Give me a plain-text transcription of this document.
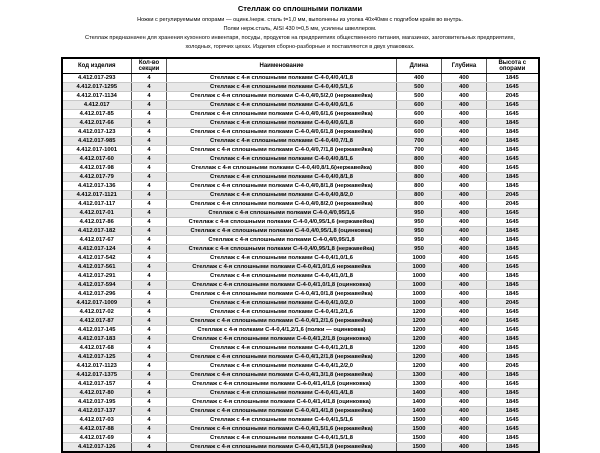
Стеллаж со сплошными полками
Ножки с регулируемыми опорами — оцинк./нерж. сталь t=1,0 мм, выполнены из уголка 40х40мм с подгибом краёв во внутрь.
Полки нерж.сталь, AISI 430 t=0,5 мм, усилены швеллером.
Стеллаж предназначен для хранения кухонного инвентаря, посуды, продуктов на предприятиях общественного питания, магазинах, заготовительных предприятиях,
холодных, горячих цехах. Изделия сборно-разборные и поставляются в двух упаковках.
Код изделия	Кол-во секции	Наименование	Длина	Глубина	Высота с опорами
4.412.017-293	4	Стеллаж с 4-я сплошными полками С-4-0,4/0,4/1,8	400	400	1845
4.412.017-1295	4	Стеллаж с 4-я сплошными полками С-4-0,4/0,5/1,6	500	400	1645
4.412.017-1134	4	Стеллаж с 4-я сплошными полками С-4-0,4/0,5/2,0 (нержавейка)	500	400	2045
4.412.017	4	Стеллаж с 4-я сплошными полками С-4-0,4/0,6/1,6	600	400	1645
4.412.017-85	4	Стеллаж с 4-я сплошными полками С-4-0,4/0,6/1,6 (нержавейка)	600	400	1645
4.412.017-66	4	Стеллаж с 4-я сплошными полками С-4-0,4/0,6/1,8	600	400	1845
4.412.017-123	4	Стеллаж с 4-я сплошными полками С-4-0,4/0,6/1,8 (нержавейка)	600	400	1845
4.412.017-985	4	Стеллаж с 4-я сплошными полками С-4-0,4/0,7/1,8	700	400	1845
4.412.017-1001	4	Стеллаж с 4-я сплошными полками С-4-0,4/0,7/1,8 (нержавейка)	700	400	1845
4.412.017-60	4	Стеллаж с 4-я сплошными полками С-4-0,4/0,8/1,6	800	400	1645
4.412.017-98	4	Стеллаж с 4-я сплошными полками С-4-0,4/0,8/1,6(нержавейка)	800	400	1645
4.412.017-79	4	Стеллаж с 4-я сплошными полками С-4-0,4/0,8/1,8	800	400	1845
4.412.017-136	4	Стеллаж с 4-я сплошными полками С-4-0,4/0,8/1,8 (нержавейка)	800	400	1845
4.412.017-1121	4	Стеллаж с 4-я сплошными полками С-4-0,4/0,8/2,0	800	400	2045
4.412.017-117	4	Стеллаж с 4-я сплошными полками С-4-0,4/0,8/2,0 (нержавейка)	800	400	2045
4.412.017-01	4	Стеллаж с 4-я сплошными полками С-4-0,4/0,95/1,6	950	400	1645
4.412.017-86	4	Стеллаж с 4-я сплошными полками С-4-0,4/0,95/1,6 (нержавейка)	950	400	1645
4.412.017-182	4	Стеллаж с 4-я сплошными полками С-4-0,4/0,95/1,8 (оцинковка)	950	400	1845
4.412.017-67	4	Стеллаж с 4-я сплошными полками С-4-0,4/0,95/1,8	950	400	1845
4.412.017-124	4	Стеллаж с 4-я сплошными полками С-4-0,4/0,95/1,8 (нержавейка)	950	400	1845
4.412.017-542	4	Стеллаж с 4-я сплошными полками С-4-0,4/1,0/1,6	1000	400	1645
4.412.017-561	4	Стеллаж с 4-я сплошными полками С-4-0,4/1,0/1,6 нержавейка	1000	400	1645
4.412.017-291	4	Стеллаж с 4-я сплошными полками С-4-0,4/1,0/1,8	1000	400	1845
4.412.017-594	4	Стеллаж с 4-я сплошными полками С-4-0,4/1,0/1,8 (оцинковка)	1000	400	1845
4.412.017-296	4	Стеллаж с 4-я сплошными полками С-4-0,4/1,0/1,8 (нержавейка)	1000	400	1845
4.412.017-1009	4	Стеллаж с 4-я сплошными полками С-4-0,4/1,0/2,0	1000	400	2045
4.412.017-02	4	Стеллаж с 4-я сплошными полками С-4-0,4/1,2/1,6	1200	400	1645
4.412.017-87	4	Стеллаж с 4-я сплошными полками С-4-0,4/1,2/1,6 (нержавейка)	1200	400	1645
4.412.017-145	4	Стеллаж с 4-я полками С-4-0,4/1,2/1,6 (полки — оцинковка)	1200	400	1645
4.412.017-183	4	Стеллаж с 4-я сплошными полками С-4-0,4/1,2/1,8 (оцинковка)	1200	400	1845
4.412.017-68	4	Стеллаж с 4-я сплошными полками С-4-0,4/1,2/1,8	1200	400	1845
4.412.017-125	4	Стеллаж с 4-я сплошными полками С-4-0,4/1,2/1,8 (нержавейка)	1200	400	1845
4.412.017-1123	4	Стеллаж с 4-я сплошными полками С-4-0,4/1,2/2,0	1200	400	2045
4.412.017-1375	4	Стеллаж с 4-я сплошными полками С-4-0,4/1,3/1,8 (нержавейка)	1300	400	1845
4.412.017-157	4	Стеллаж с 4-я сплошными полками С-4-0,4/1,4/1,6 (оцинковка)	1300	400	1645
4.412.017-80	4	Стеллаж с 4-я сплошными полками С-4-0,4/1,4/1,8	1400	400	1845
4.412.017-195	4	Стеллаж с 4-я сплошными полками С-4-0,4/1,4/1,8 (оцинковка)	1400	400	1845
4.412.017-137	4	Стеллаж с 4-я сплошными полками С-4-0,4/1,4/1,8 (нержавейка)	1400	400	1845
4.412.017-03	4	Стеллаж с 4-я сплошными полками С-4-0,4/1,5/1,6	1500	400	1645
4.412.017-88	4	Стеллаж с 4-я сплошными полками С-4-0,4/1,5/1,6 (нержавейка)	1500	400	1645
4.412.017-69	4	Стеллаж с 4-я сплошными полками С-4-0,4/1,5/1,8	1500	400	1845
4.412.017-126	4	Стеллаж с 4-я сплошными полками С-4-0,4/1,5/1,8 (нержавейка)	1500	400	1845
